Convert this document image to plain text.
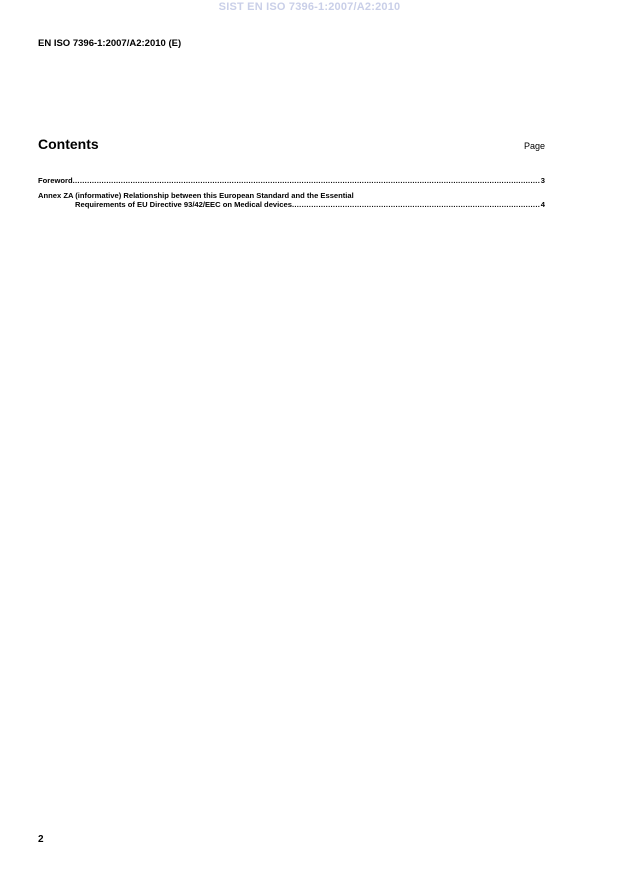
SIST EN ISO 7396-1:2007/A2:2010
EN ISO 7396-1:2007/A2:2010 (E)
Contents	Page
Foreword .....	3
Annex ZA (informative) Relationship between this European Standard and the Essential
Requirements of EU Directive 93/42/EEC on Medical devices .....	4
2
